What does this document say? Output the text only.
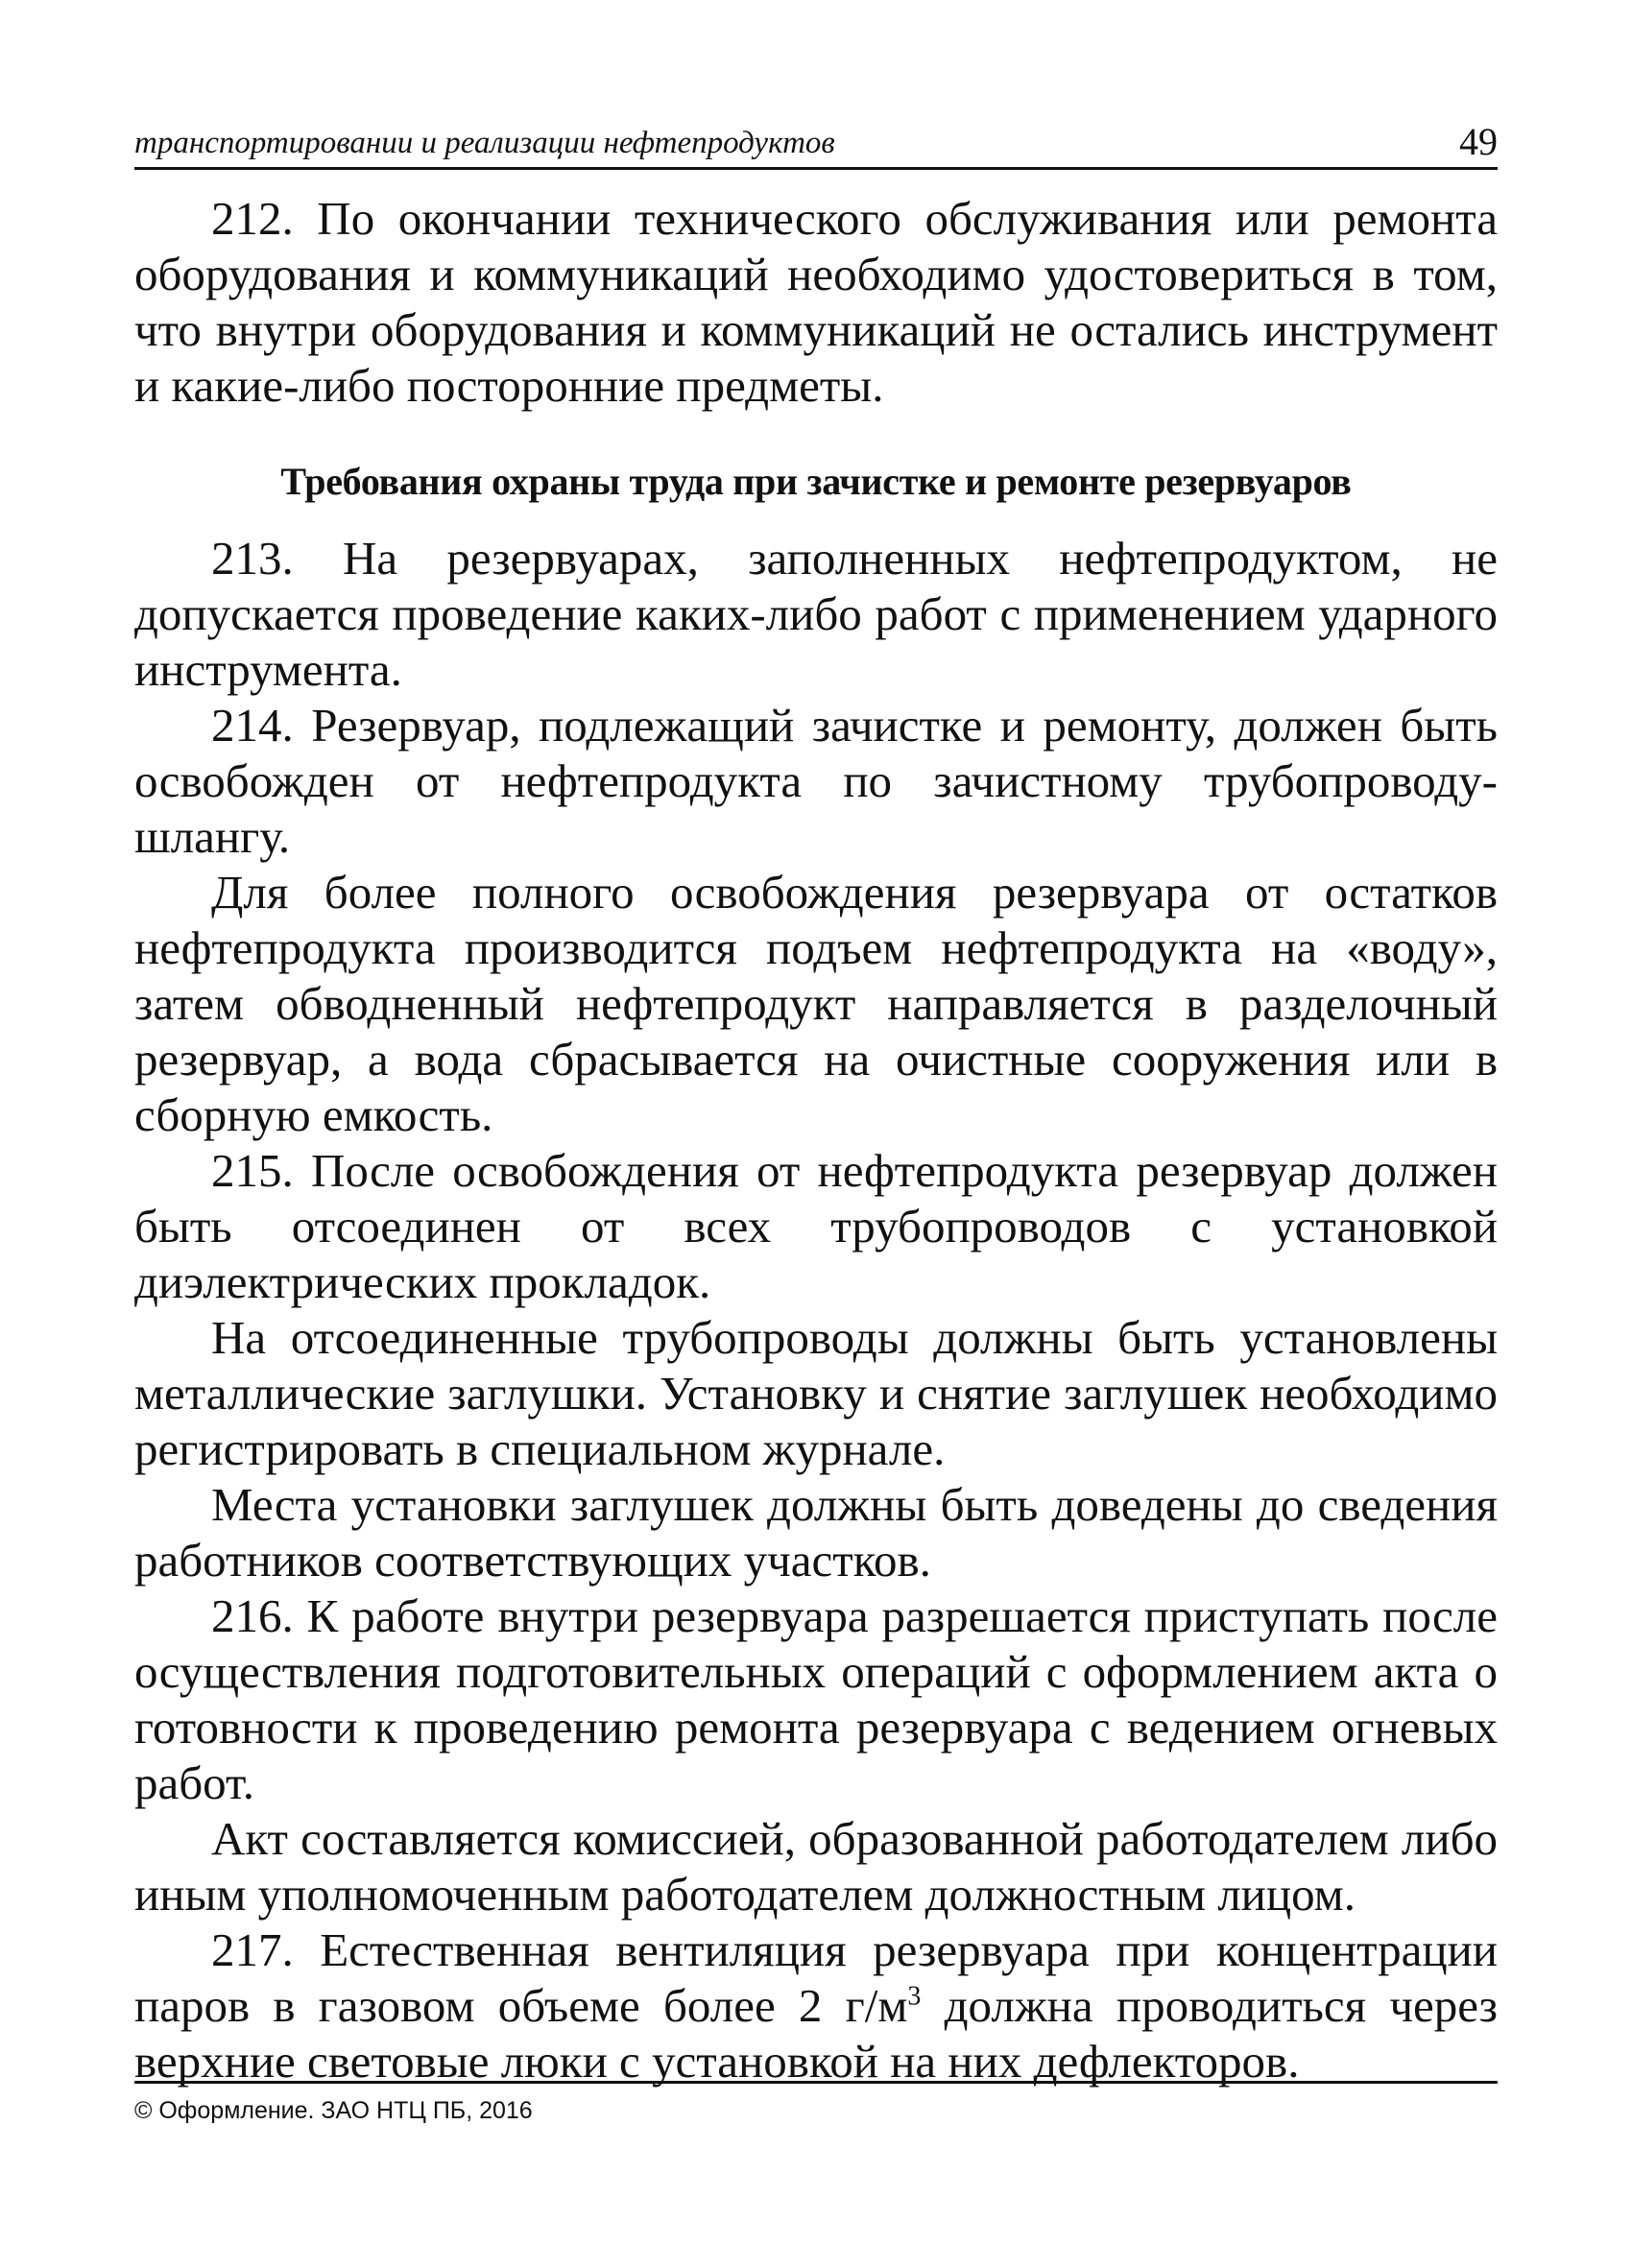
транспортировании и реализации нефтепродуктов	49

212. По окончании технического обслуживания или ремонта оборудования и коммуникаций необходимо удостовериться в том, что внутри оборудования и коммуникаций не остались инструмент и какие-либо посторонние предметы.

Требования охраны труда при зачистке и ремонте резервуаров

213. На резервуарах, заполненных нефтепродуктом, не допускается проведение каких-либо работ с применением ударного инструмента.

214. Резервуар, подлежащий зачистке и ремонту, должен быть освобожден от нефтепродукта по зачистному трубопроводу-шлангу.

Для более полного освобождения резервуара от остатков нефтепродукта производится подъем нефтепродукта на «воду», затем обводненный нефтепродукт направляется в разделочный резервуар, а вода сбрасывается на очистные сооружения или в сборную емкость.

215. После освобождения от нефтепродукта резервуар должен быть отсоединен от всех трубопроводов с установкой диэлектрических прокладок.

На отсоединенные трубопроводы должны быть установлены металлические заглушки. Установку и снятие заглушек необходимо регистрировать в специальном журнале.

Места установки заглушек должны быть доведены до сведения работников соответствующих участков.

216. К работе внутри резервуара разрешается приступать после осуществления подготовительных операций с оформлением акта о готовности к проведению ремонта резервуара с ведением огневых работ.

Акт составляется комиссией, образованной работодателем либо иным уполномоченным работодателем должностным лицом.

217. Естественная вентиляция резервуара при концентрации паров в газовом объеме более 2 $г/м^3$ должна проводиться через верхние световые люки с установкой на них дефлекторов.

© Оформление. ЗАО НТЦ ПБ, 2016
